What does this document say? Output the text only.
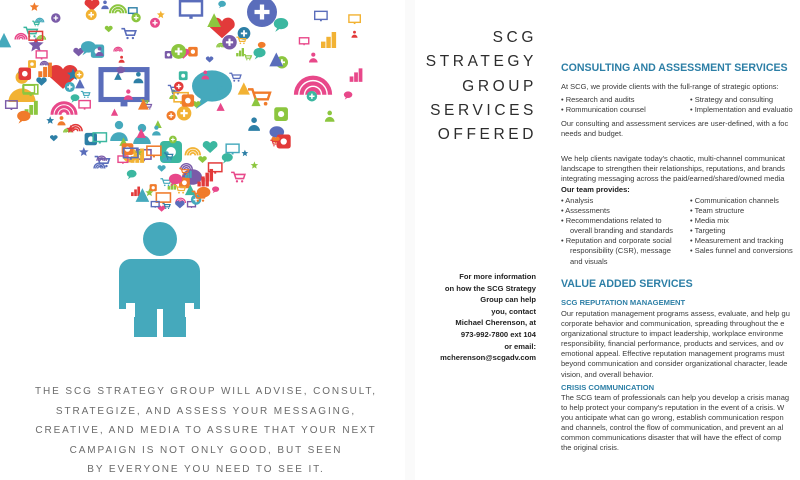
THE SCG STRATEGY GROUP WILL ADVISE, CONSULT,
STRATEGIZE, AND ASSESS YOUR MESSAGING,
CREATIVE, AND MEDIA TO ASSURE THAT YOUR NEXT
CAMPAIGN IS NOT ONLY GOOD, BUT SEEN
BY EVERYONE YOU NEED TO SEE IT.
SCG
STRATEGY
GROUP
SERVICES
OFFERED
For more information
on how the SCG Strategy
Group can help
you, contact
Michael Cherenson, at
973-992-7800 ext 104
or email:
mcherenson@scgadv.com
CONSULTING AND ASSESSMENT SERVICES
At SCG, we provide clients with the full-range of strategic options:
• Research and audits
• Rommunication counsel
• Strategy and consulting
• Implementation and evaluatio
Our consulting and assessment services are user-defined, with a foc
needs and budget.
We help clients navigate today's chaotic, multi-channel communicat
landscape to strengthen their relationships, reputations, and brands
integrating messaging across the paid/earned/shared/owned media
Our team provides:
• Analysis
• Assessments
• Recommendations related to
overall branding and standards
• Reputation and corporate social
responsibility (CSR), message
and visuals
• Communication channels
• Team structure
• Media mix
• Targeting
• Measurement and tracking
• Sales funnel and conversions
VALUE ADDED SERVICES
SCG REPUTATION MANAGEMENT
Our reputation management programs assess, evaluate, and help gu
corporate behavior and communication, spreading throughout the e
organizational structure to impact leadership, workplace environme
responsibility, financial performance, products and services, and ov
emotional appeal. Effective reputation management programs must
beyond communication and consider organizational character, leade
vision, and overall behavior.
CRISIS COMMUNICATION
The SCG team of professionals can help you develop a crisis manag
to help protect your company's reputation in the event of a crisis. W
you anticipate what can go wrong, establish communication respon
and channels, control the flow of communication, and prevent an al
common communications disaster that will have the effect of comp
the original crisis.
